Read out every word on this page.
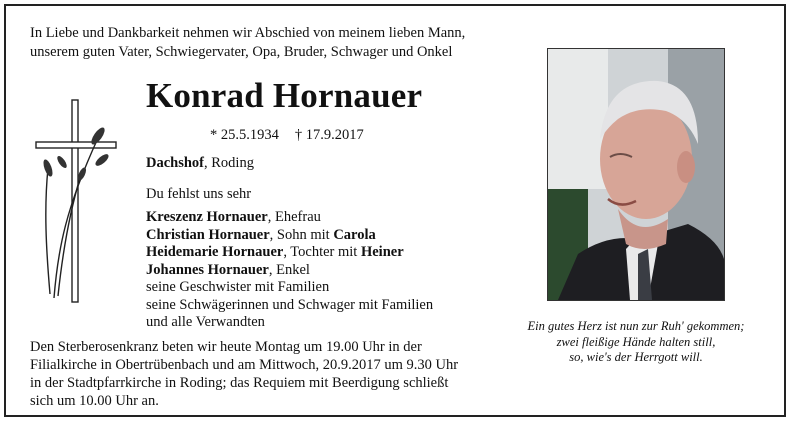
In Liebe und Dankbarkeit nehmen wir Abschied von meinem lieben Mann,
unserem guten Vater, Schwiegervater, Opa, Bruder, Schwager und Onkel
Konrad Hornauer
* 25.5.1934 † 17.9.2017
Dachshof, Roding
Du fehlst uns sehr
Kreszenz Hornauer, Ehefrau
Christian Hornauer, Sohn mit Carola
Heidemarie Hornauer, Tochter mit Heiner
Johannes Hornauer, Enkel
seine Geschwister mit Familien
seine Schwägerinnen und Schwager mit Familien
und alle Verwandten
Den Sterberosenkranz beten wir heute Montag um 19.00 Uhr in der
Filialkirche in Obertrübenbach und am Mittwoch, 20.9.2017 um 9.30 Uhr
in der Stadtpfarrkirche in Roding; das Requiem mit Beerdigung schließt
sich um 10.00 Uhr an.
Ein gutes Herz ist nun zur Ruh' gekommen;
zwei fleißige Hände halten still,
so, wie's der Herrgott will.
